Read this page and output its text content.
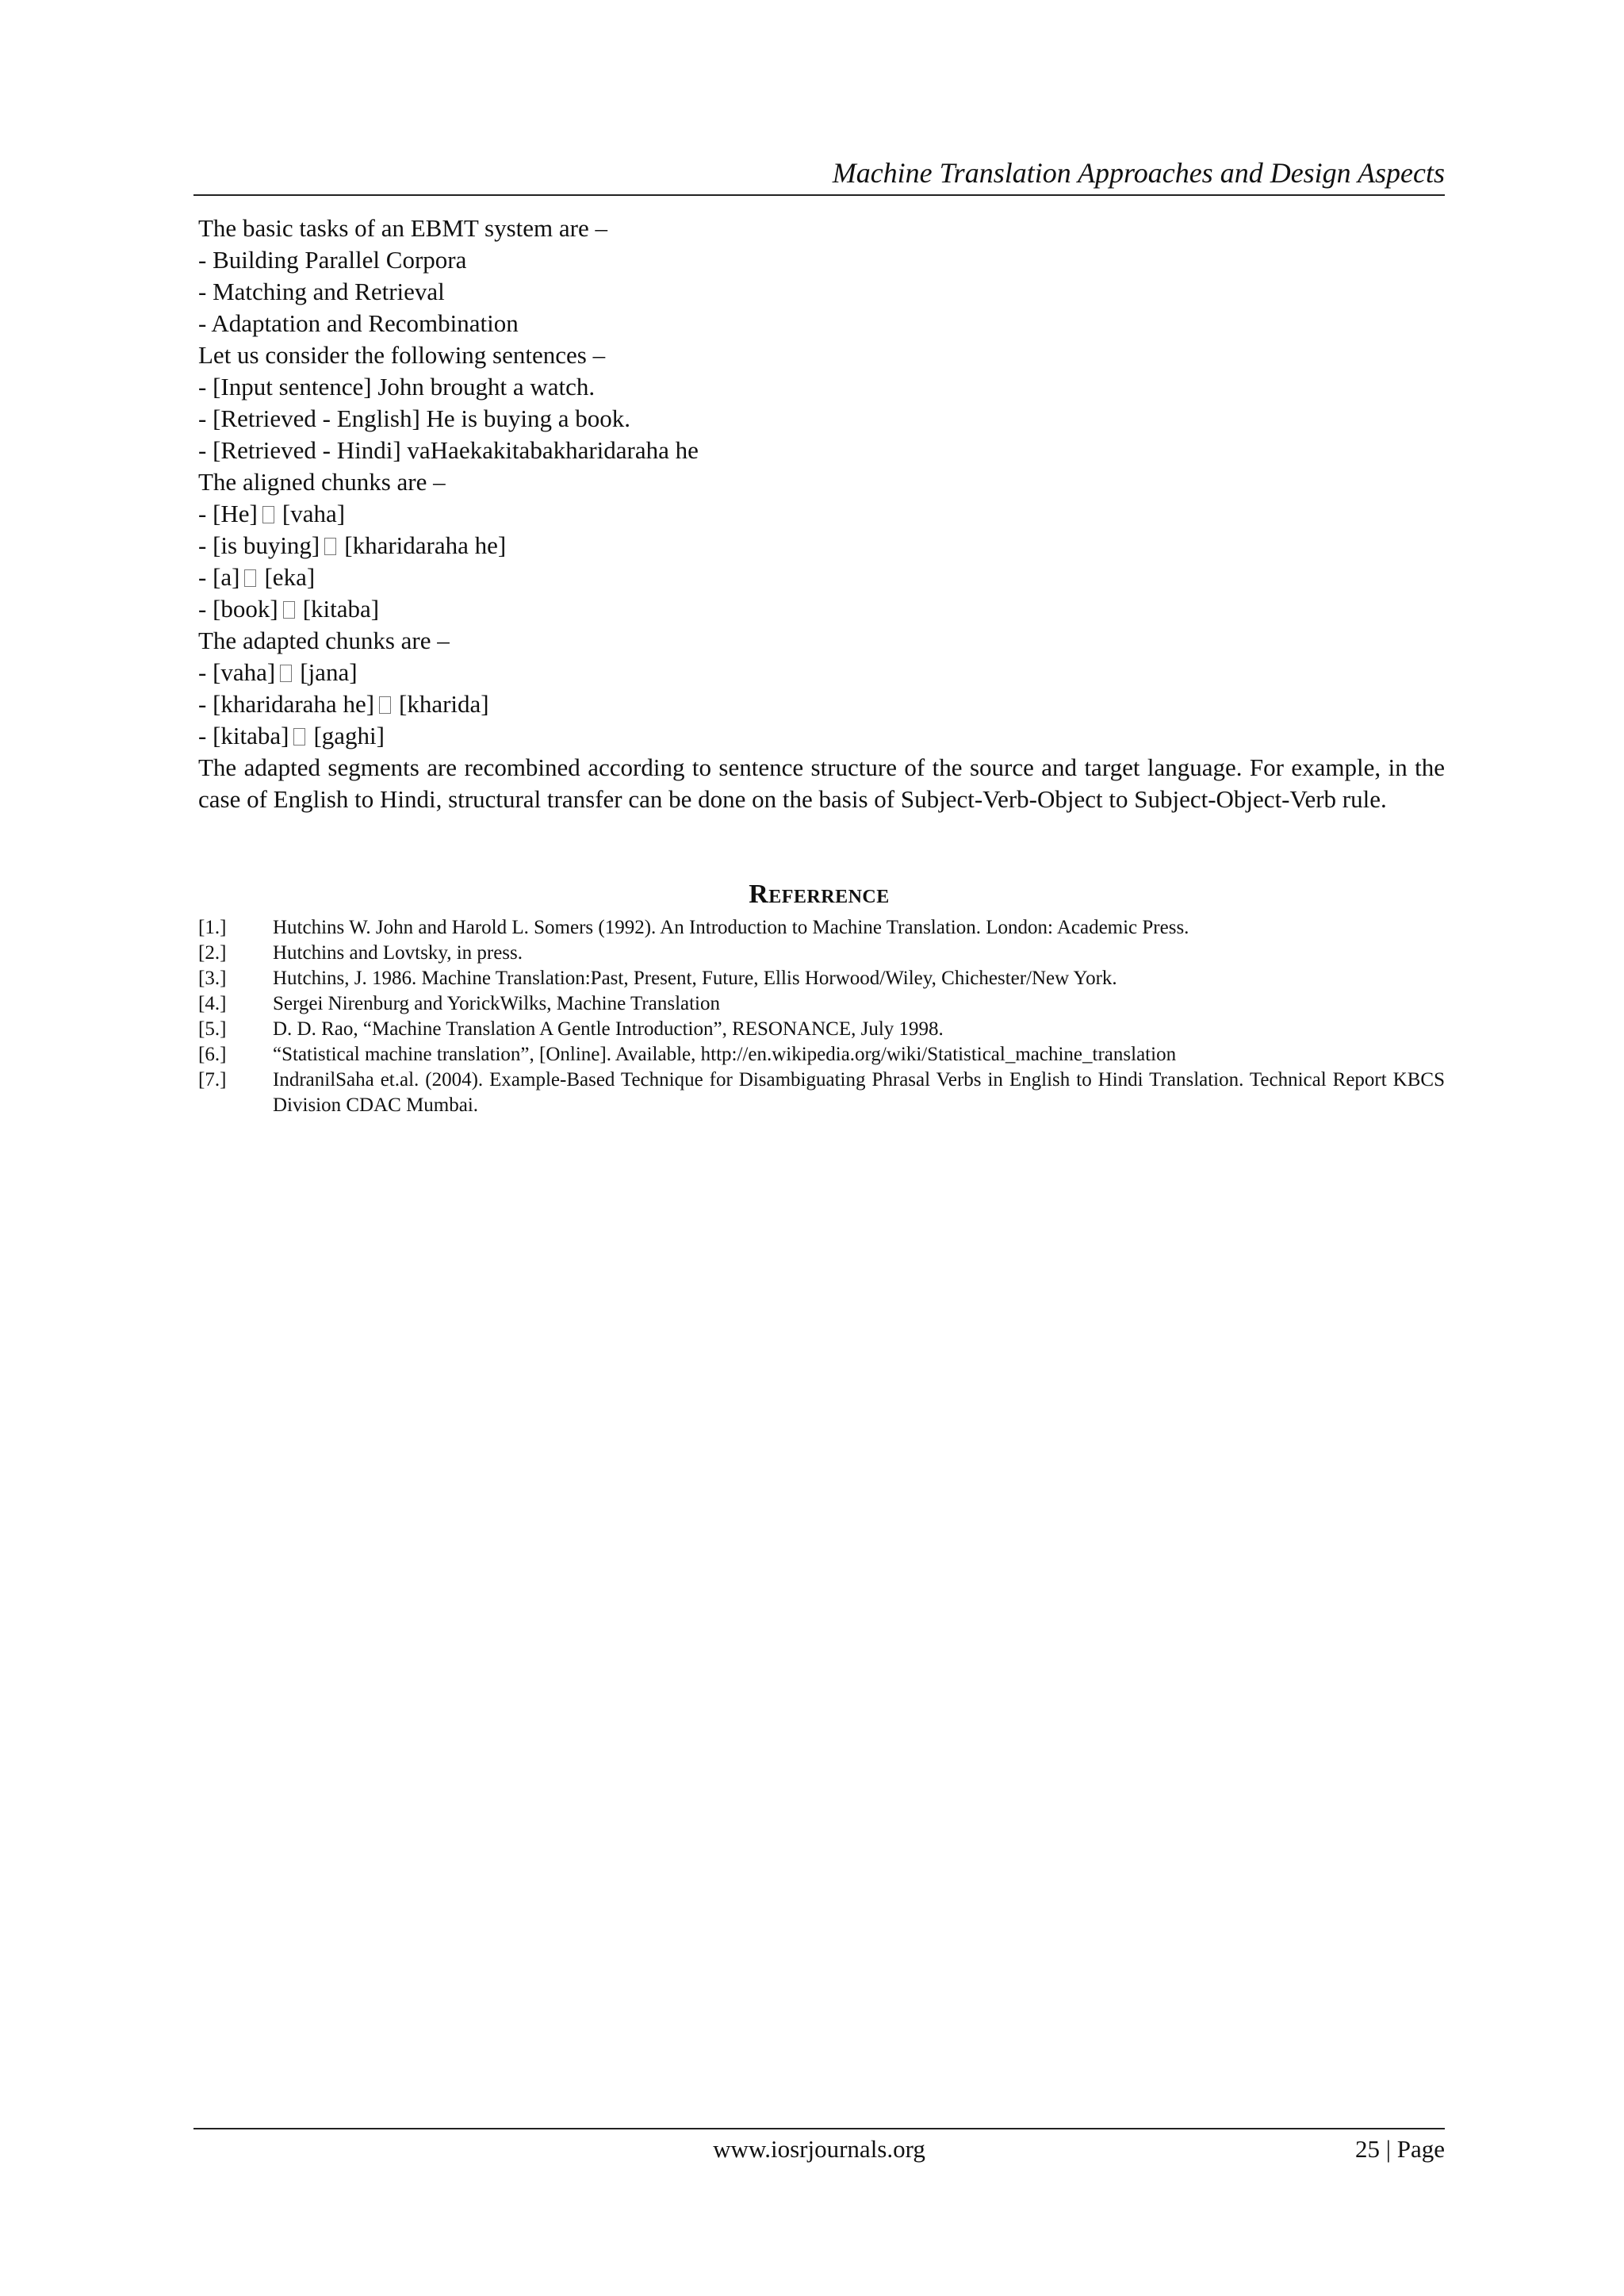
Machine Translation Approaches and Design Aspects
The basic tasks of an EBMT system are –
- Building Parallel Corpora
- Matching and Retrieval
- Adaptation and Recombination
Let us consider the following sentences –
- [Input sentence] John brought a watch.
- [Retrieved - English] He is buying a book.
- [Retrieved - Hindi] vaHaekakitabakharidaraha he
The aligned chunks are –
- [He] [vaha]
- [is buying] [kharidaraha he]
- [a] [eka]
- [book] [kitaba]
The adapted chunks are –
- [vaha] [jana]
- [kharidaraha he] [kharida]
- [kitaba] [gaghi]
The adapted segments are recombined according to sentence structure of the source and target language. For example, in the case of English to Hindi, structural transfer can be done on the basis of Subject-Verb-Object to Subject-Object-Verb rule.
Referrence
[1.]	Hutchins W. John and Harold L. Somers (1992). An Introduction to Machine Translation. London: Academic Press.
[2.]	Hutchins and Lovtsky, in press.
[3.]	Hutchins, J. 1986. Machine Translation:Past, Present, Future, Ellis Horwood/Wiley, Chichester/New York.
[4.]	Sergei Nirenburg and YorickWilks, Machine Translation
[5.]	D. D. Rao, “Machine Translation A Gentle Introduction”, RESONANCE, July 1998.
[6.]	“Statistical machine translation”, [Online]. Available, http://en.wikipedia.org/wiki/Statistical_machine_translation
[7.]	IndranilSaha et.al. (2004). Example-Based Technique for Disambiguating Phrasal Verbs in English to Hindi Translation. Technical Report KBCS Division CDAC Mumbai.
www.iosrjournals.org	25 | Page
